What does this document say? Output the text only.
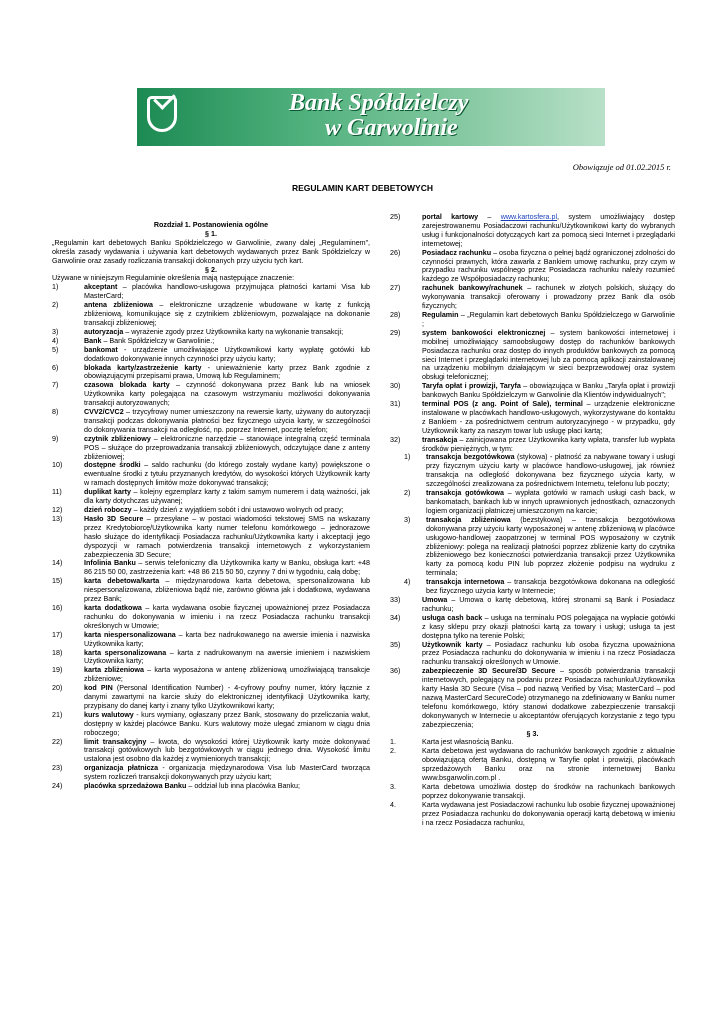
Bank Spółdzielczy
w Garwolinie
Obowiązuje od 01.02.2015 r.
REGULAMIN KART DEBETOWYCH
Rozdział 1. Postanowienia ogólne
§ 1.

„Regulamin kart debetowych Banku Spółdzielczego w Garwolinie, zwany dalej „Regulaminem”, określa zasady wydawania i używania kart debetowych wydawanych przez Bank Spółdzielczy w Garwolinie oraz zasady rozliczania transakcji dokonanych przy użyciu tych kart.

§ 2.

Używane w niniejszym Regulaminie określenia mają następujące znaczenie:

1)	akceptant – placówka handlowo-usługowa przyjmująca płatności kartami Visa lub MasterCard;

2)	antena zbliżeniowa – elektroniczne urządzenie wbudowane w kartę z funkcją zbliżeniową, komunikujące się z czytnikiem zbliżeniowym, pozwalające na dokonanie transakcji zbliżeniowej;

3)	autoryzacja – wyrażenie zgody przez Użytkownika karty na wykonanie transakcji;

4)	Bank – Bank Spółdzielczy w Garwolinie.;

5)	bankomat - urządzenie umożliwiające Użytkownikowi karty wypłatę gotówki lub dodatkowo dokonywanie innych czynności przy użyciu karty;

6)	blokada karty/zastrzeżenie karty - unieważnienie karty przez Bank zgodnie z obowiązującymi przepisami prawa, Umową lub Regulaminem;

7)	czasowa blokada karty – czynność dokonywana przez Bank lub na wniosek Użytkownika karty polegająca na czasowym wstrzymaniu możliwości dokonywania transakcji autoryzowanych;

8)	CVV2/CVC2 – trzycyfrowy numer umieszczony na rewersie karty, używany do autoryzacji transakcji podczas dokonywania płatności bez fizycznego użycia karty, w szczególności do dokonywania transakcji na odległość, np. poprzez Internet, pocztę telefon;

9)	czytnik zbliżeniowy – elektroniczne narzędzie – stanowiące integralną część terminala POS – służące do przeprowadzania transakcji zbliżeniowych, odczytujące dane z anteny zbliżeniowej;

10)	dostępne środki – saldo rachunku (do którego zostały wydane karty) powiększone o ewentualne środki z tytułu przyznanych kredytów, do wysokości których Użytkownik karty w ramach dostępnych limitów może dokonywać transakcji;

11)	duplikat karty – kolejny egzemplarz karty z takim samym numerem i datą ważności, jak dla karty dotychczas używanej;

12)	dzień roboczy – każdy dzień z wyjątkiem sobót i dni ustawowo wolnych od pracy;

13)	Hasło 3D Secure – przesyłane – w postaci wiadomości tekstowej SMS na wskazany przez Kredytobiorcę/Użytkownika karty numer telefonu komórkowego – jednorazowe hasło służące do identyfikacji Posiadacza rachunku/Użytkownika karty i akceptacji jego dyspozycji w ramach potwierdzenia transakcji internetowych z wykorzystaniem zabezpieczenia 3D Secure;

14)	Infolinia Banku – serwis telefoniczny dla Użytkownika karty w Banku, obsługa kart: +48 86 215 50 00, zastrzeżenia kart: +48 86 215 50 50, czynny 7 dni w tygodniu, całą dobę;

15)	karta debetowa/karta – międzynarodowa karta debetowa, spersonalizowana lub niespersonalizowana, zbliżeniowa bądź nie, zarówno główna jak i dodatkowa, wydawana przez Bank;

16)	karta dodatkowa – karta wydawana osobie fizycznej upoważnionej przez Posiadacza rachunku do dokonywania w imieniu i na rzecz Posiadacza rachunku transakcji określonych w Umowie;

17)	karta niespersonalizowana – karta bez nadrukowanego na awersie imienia i nazwiska Użytkownika karty;

18)	karta spersonalizowana – karta z nadrukowanym na awersie imieniem i nazwiskiem Użytkownika karty;

19)	karta zbliżeniowa – karta wyposażona w antenę zbliżeniową umożliwiającą transakcje zbliżeniowe;

20)	kod PIN (Personal Identification Number) - 4-cyfrowy poufny numer, który łącznie z danymi zawartymi na karcie służy do elektronicznej identyfikacji Użytkownika karty, przypisany do danej karty i znany tylko Użytkownikowi karty;

21)	kurs walutowy - kurs wymiany, ogłaszany przez Bank, stosowany do przeliczania walut, dostępny w każdej placówce Banku. Kurs walutowy może ulegać zmianom w ciągu dnia roboczego;

22)	limit transakcyjny – kwota, do wysokości której Użytkownik karty może dokonywać transakcji gotówkowych lub bezgotówkowych w ciągu jednego dnia. Wysokość limitu ustalona jest osobno dla każdej z wymienionych transakcji;

23)	organizacja płatnicza - organizacja międzynarodowa Visa lub MasterCard tworząca system rozliczeń transakcji dokonywanych przy użyciu kart;

24)	placówka sprzedażowa Banku – oddział lub inna placówka Banku;

25)	portal kartowy – www.kartosfera.pl, system umożliwiający dostęp zarejestrowanemu Posiadaczowi rachunku/Użytkownikowi karty do wybranych usług i funkcjonalności dotyczących kart za pomocą sieci Internet i przeglądarki internetowej;

26)	Posiadacz rachunku – osoba fizyczna o pełnej bądź ograniczonej zdolności do czynności prawnych, która zawarła z Bankiem umowę rachunku, przy czym w przypadku rachunku wspólnego przez Posiadacza rachunku należy rozumieć każdego ze Współposiadaczy rachunku;

27)	rachunek bankowy/rachunek – rachunek w złotych polskich, służący do wykonywania transakcji oferowany i prowadzony przez Bank dla osób fizycznych;

28)	Regulamin – „Regulamin kart debetowych Banku Spółdzielczego w Garwolinie ;

29)	system bankowości elektronicznej – system bankowości internetowej i mobilnej umożliwiający samoobsługowy dostęp do rachunków bankowych Posiadacza rachunku oraz dostęp do innych produktów bankowych za pomocą sieci Internet i przeglądarki internetowej lub za pomocą aplikacji zainstalowanej na urządzeniu mobilnym działającym w sieci bezprzewodowej oraz system obsługi telefonicznej;

30)	Taryfa opłat i prowizji, Taryfa – obowiązująca w Banku „Taryfa opłat i prowizji bankowych Banku Spółdzielczym w Garwolinie dla Klientów indywidualnych";

31)	terminal POS (z ang. Point of Sale), terminal – urządzenie elektroniczne instalowane w placówkach handlowo-usługowych, wykorzystywane do kontaktu z Bankiem - za pośrednictwem centrum autoryzacyjnego - w przypadku, gdy Użytkownik karty za naszym towar lub usługę płaci kartą;

32)	transakcja – zainicjowana przez Użytkownika karty wpłata, transfer lub wypłata środków pieniężnych, w tym:

1) transakcja bezgotówkowa (stykowa) - płatność za nabywane towary i usługi przy fizycznym użyciu karty w placówce handlowo-usługowej, jak również transakcja na odległość dokonywana bez fizycznego użycia karty, w szczególności zrealizowana za pośrednictwem Internetu, telefonu lub poczty;

2) transakcja gotówkowa – wypłata gotówki w ramach usługi cash back, w bankomatach, bankach lub w innych uprawnionych jednostkach, oznaczonych logiem organizacji płatniczej umieszczonym na karcie;

3) transakcja zbliżeniowa (bezstykowa) – transakcja bezgotówkowa dokonywana przy użyciu karty wyposażonej w antenę zbliżeniową w placówce usługowo-handlowej zaopatrzonej w terminal POS wyposażony w czytnik zbliżeniowy: polega na realizacji płatności poprzez zbliżenie karty do czytnika zbliżeniowego bez konieczności potwierdzania transakcji przez Użytkownika karty za pomocą kodu PIN lub poprzez złożenie podpisu na wydruku z terminala;

4) transakcja internetowa – transakcja bezgotówkowa dokonana na odległość bez fizycznego użycia karty w Internecie;

33)	Umowa – Umowa o kartę debetową, której stronami są Bank i Posiadacz rachunku;

34)	usługa cash back – usługa na terminalu POS polegająca na wypłacie gotówki z kasy sklepu przy okazji płatności kartą za towary i usługi; usługa ta jest dostępna tylko na terenie Polski;

35)	Użytkownik karty – Posiadacz rachunku lub osoba fizyczna upoważniona przez Posiadacza rachunku do dokonywania w imieniu i na rzecz Posiadacza rachunku transakcji określonych w Umowie.

36)	zabezpieczenie 3D Secure/3D Secure – sposób potwierdzania transakcji internetowych, polegający na podaniu przez Posiadacza rachunku/Użytkownika karty Hasła 3D Secure (Visa – pod nazwą Verified by Visa; MasterCard – pod nazwą MasterCard SecureCode) otrzymanego na zdefiniowany w Banku numer telefonu komórkowego, który stanowi dodatkowe zabezpieczenie transakcji dokonywanych w Internecie u akceptantów oferujących korzystanie z tego typu zabezpieczenia;

§ 3.

1.	Karta jest własnością Banku.

2.	Karta debetowa jest wydawana do rachunków bankowych zgodnie z aktualnie obowiązującą ofertą Banku, dostępną w Taryfie opłat i prowizji, placówkach sprzedażowych Banku oraz na stronie internetowej Banku www.bsgarwolin.com.pl .

3.	Karta debetowa umożliwia dostęp do środków na rachunkach bankowych poprzez dokonywanie transakcji.

4.	Karta wydawana jest Posiadaczowi rachunku lub osobie fizycznej upoważnionej przez Posiadacza rachunku do dokonywania operacji kartą debetową w imieniu i na rzecz Posiadacza rachunku,
